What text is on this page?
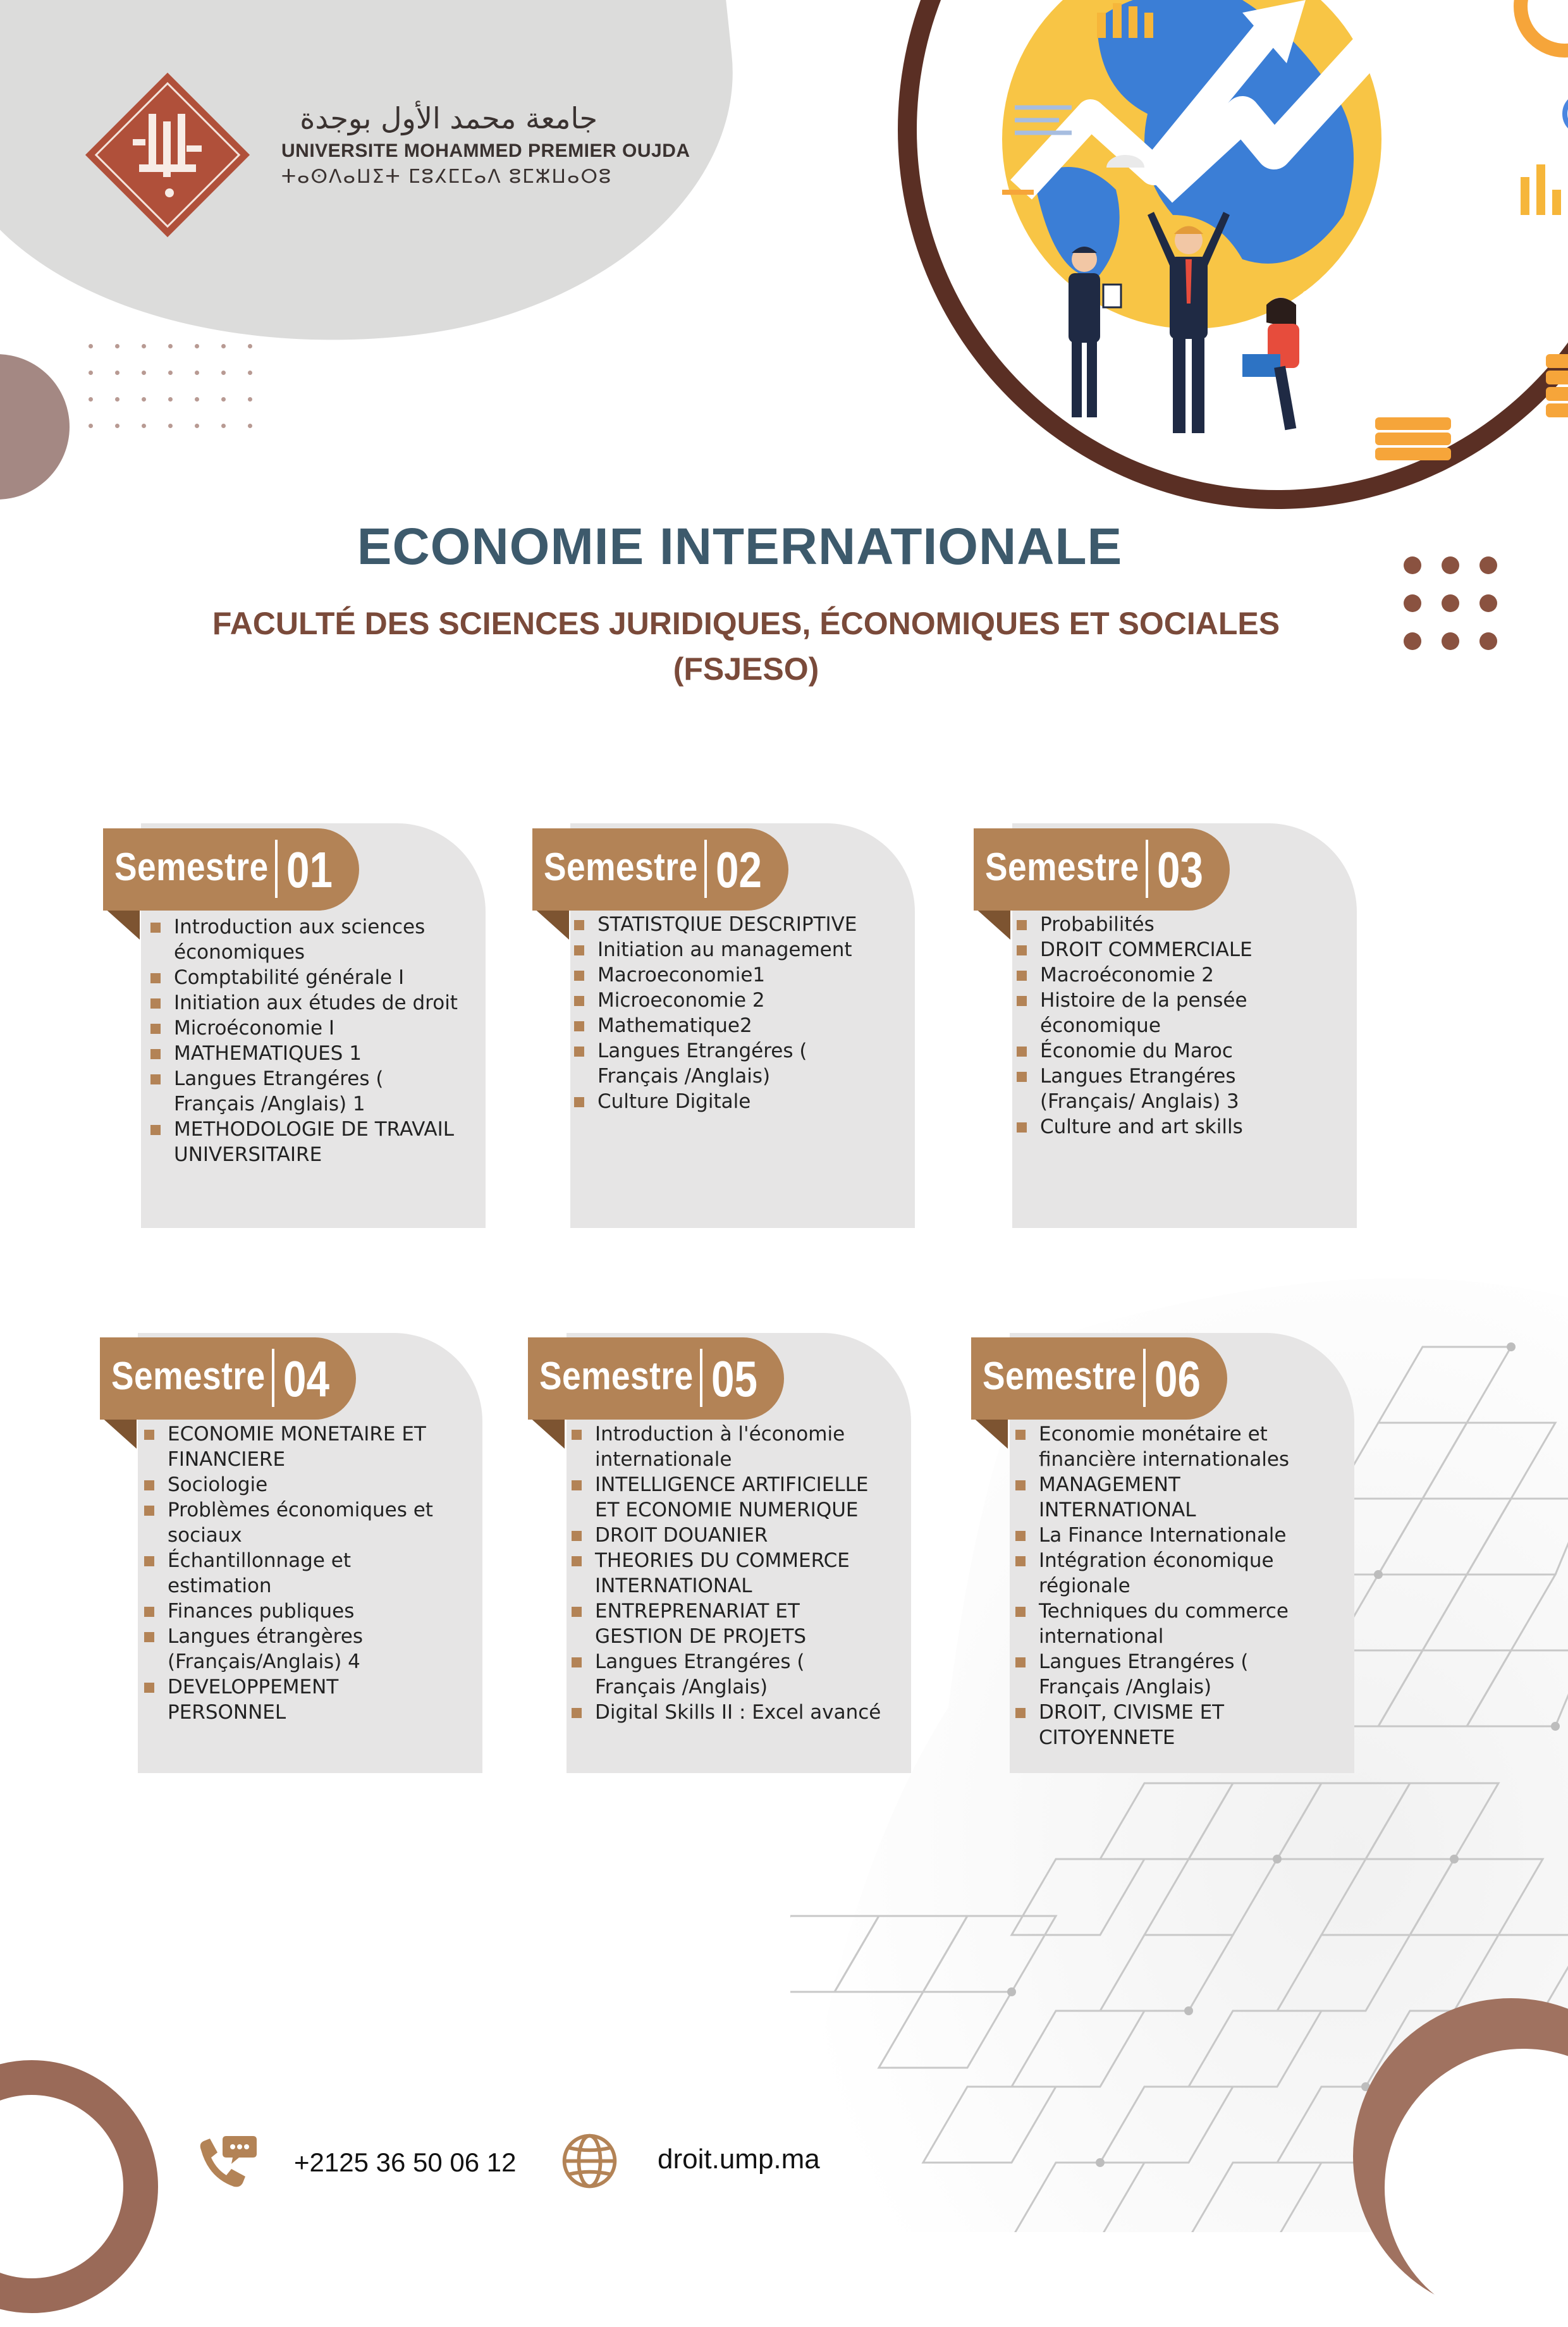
جامعة محمد الأول بوجدة
UNIVERSITE MOHAMMED PREMIER OUJDA
ⵜⴰⵙⴷⴰⵡⵉⵜ ⵎⵓⵃⵎⵎⴰⴷ ⵓⵎⵣⵡⴰⵔⵓ
ECONOMIE INTERNATIONALE
FACULTÉ DES SCIENCES JURIDIQUES, ÉCONOMIQUES ET SOCIALES
(FSJESO)
Semestre 01	Semestre 02	Semestre 03
Semestre 04	Semestre 05	Semestre 06
Introduction aux sciences économiques
Comptabilité générale I
Initiation aux études de droit
Microéconomie I
MATHEMATIQUES 1
Langues Etrangéres ( Français /Anglais) 1
METHODOLOGIE DE TRAVAIL UNIVERSITAIRE
STATISTQIUE DESCRIPTIVE
Initiation au management
Macroeconomie1
Microeconomie 2
Mathematique2
Langues Etrangéres ( Français /Anglais)
Culture Digitale
Probabilités
DROIT COMMERCIALE
Macroéconomie 2
Histoire de la pensée économique
Économie du Maroc
Langues Etrangéres (Français/ Anglais) 3
Culture and art skills
ECONOMIE MONETAIRE ET FINANCIERE
Sociologie
Problèmes économiques et sociaux
Échantillonnage et estimation
Finances publiques
Langues étrangères (Français/Anglais) 4
DEVELOPPEMENT PERSONNEL
Introduction à l'économie internationale
INTELLIGENCE ARTIFICIELLE ET ECONOMIE NUMERIQUE
DROIT DOUANIER
THEORIES DU COMMERCE INTERNATIONAL
ENTREPRENARIAT ET GESTION DE PROJETS
Langues Etrangéres ( Français /Anglais)
Digital Skills II : Excel avancé
Economie monétaire et financière internationales
MANAGEMENT INTERNATIONAL
La Finance Internationale
Intégration économique régionale
Techniques du commerce international
Langues Etrangéres ( Français /Anglais)
DROIT, CIVISME ET CITOYENNETE
+2125 36 50 06 12	droit.ump.ma
